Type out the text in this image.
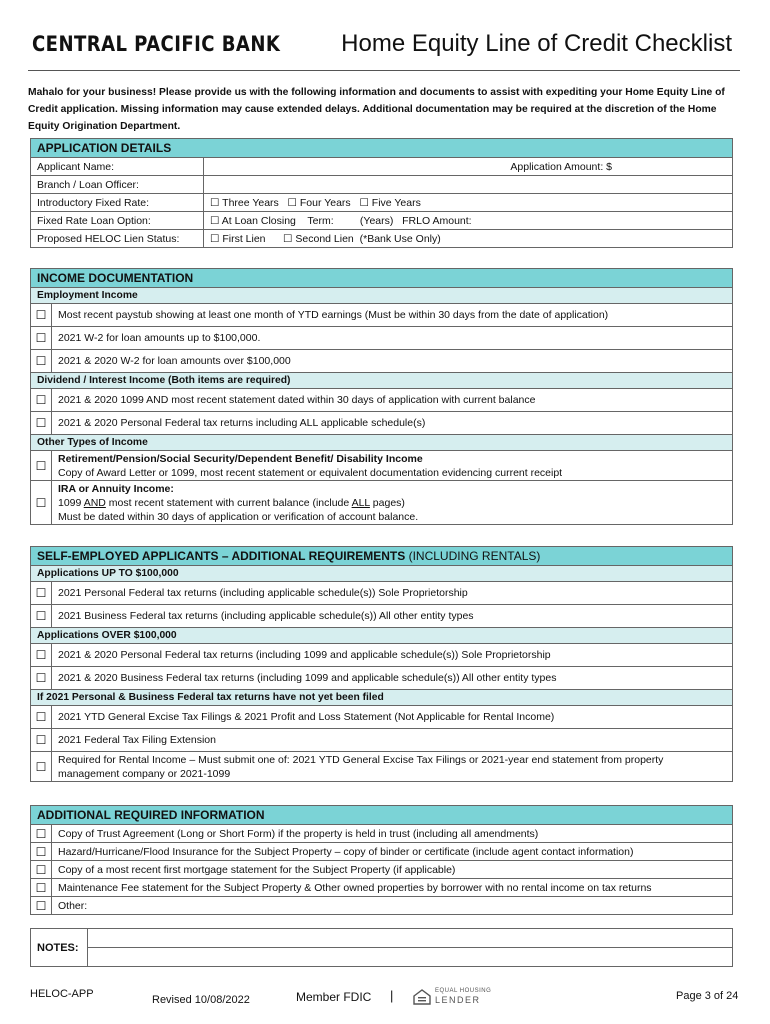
CENTRAL PACIFIC BANK	Home Equity Line of Credit Checklist
Mahalo for your business! Please provide us with the following information and documents to assist with expediting your Home Equity Line of Credit application. Missing information may cause extended delays. Additional documentation may be required at the discretion of the Home Equity Origination Department.
APPLICATION DETAILS	
Applicant Name:	Application Amount: $
Branch / Loan Officer:	
Introductory Fixed Rate:	☐ Three Years ☐ Four Years ☐ Five Years
Fixed Rate Loan Option:	☐ At Loan Closing Term: (Years) FRLO Amount:
Proposed HELOC Lien Status:	☐ First Lien ☐ Second Lien (*Bank Use Only)
INCOME DOCUMENTATION	
Employment Income	
☐	Most recent paystub showing at least one month of YTD earnings (Must be within 30 days from the date of application)
☐	2021 W-2 for loan amounts up to $100,000.
☐	2021 & 2020 W-2 for loan amounts over $100,000
Dividend / Interest Income (Both items are required)	
☐	2021 & 2020 1099 AND most recent statement dated within 30 days of application with current balance
☐	2021 & 2020 Personal Federal tax returns including ALL applicable schedule(s)
Other Types of Income	
☐	Retirement/Pension/Social Security/Dependent Benefit/ Disability Income
Copy of Award Letter or 1099, most recent statement or equivalent documentation evidencing current receipt
☐	IRA or Annuity Income:
1099 AND most recent statement with current balance (include ALL pages)
Must be dated within 30 days of application or verification of account balance.
SELF-EMPLOYED APPLICANTS – ADDITIONAL REQUIREMENTS (INCLUDING RENTALS)	
Applications UP TO $100,000	
☐	2021 Personal Federal tax returns (including applicable schedule(s)) Sole Proprietorship
☐	2021 Business Federal tax returns (including applicable schedule(s)) All other entity types
Applications OVER $100,000	
☐	2021 & 2020 Personal Federal tax returns (including 1099 and applicable schedule(s)) Sole Proprietorship
☐	2021 & 2020 Business Federal tax returns (including 1099 and applicable schedule(s)) All other entity types
If 2021 Personal & Business Federal tax returns have not yet been filed	
☐	2021 YTD General Excise Tax Filings & 2021 Profit and Loss Statement (Not Applicable for Rental Income)
☐	2021 Federal Tax Filing Extension
☐	Required for Rental Income – Must submit one of: 2021 YTD General Excise Tax Filings or 2021-year end statement from property management company or 2021-1099
ADDITIONAL REQUIRED INFORMATION	
☐	Copy of Trust Agreement (Long or Short Form) if the property is held in trust (including all amendments)
☐	Hazard/Hurricane/Flood Insurance for the Subject Property – copy of binder or certificate (include agent contact information)
☐	Copy of a most recent first mortgage statement for the Subject Property (if applicable)
☐	Maintenance Fee statement for the Subject Property & Other owned properties by borrower with no rental income on tax returns
☐	Other:
NOTES:	

HELOC-APP	Revised 10/08/2022	Member FDIC |	EQUAL HOUSING
LENDER	Page 3 of 24
